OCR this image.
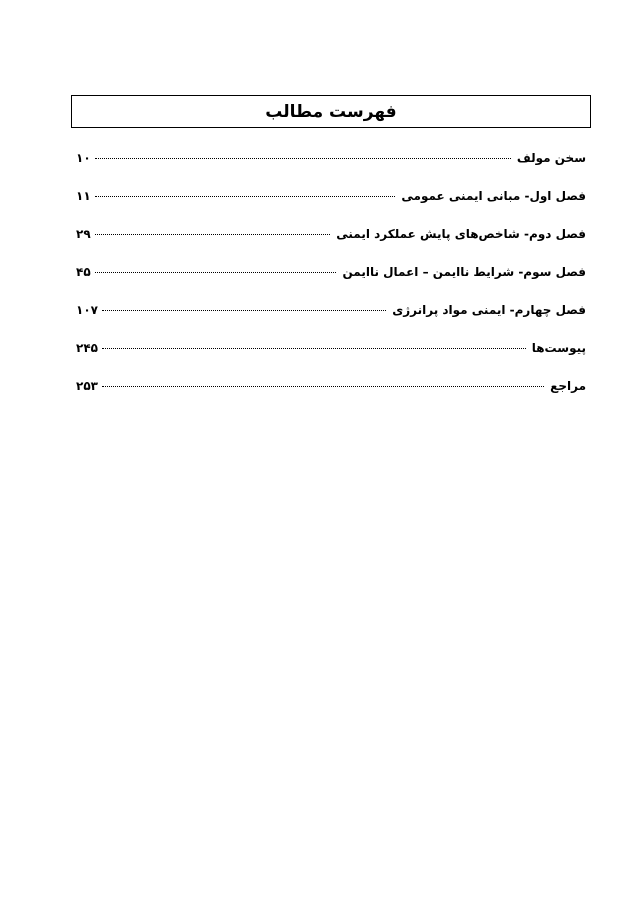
فهرست مطالب
سخن مولف
۱۰
فصل اول- مبانی ایمنی عمومی
۱۱
فصل دوم- شاخص‌های پایش عملکرد ایمنی
۲۹
فصل سوم- شرایط ناایمن – اعمال ناایمن
۴۵
فصل چهارم- ایمنی مواد پرانرژی
۱۰۷
پیوست‌ها
۲۴۵
مراجع
۲۵۳
